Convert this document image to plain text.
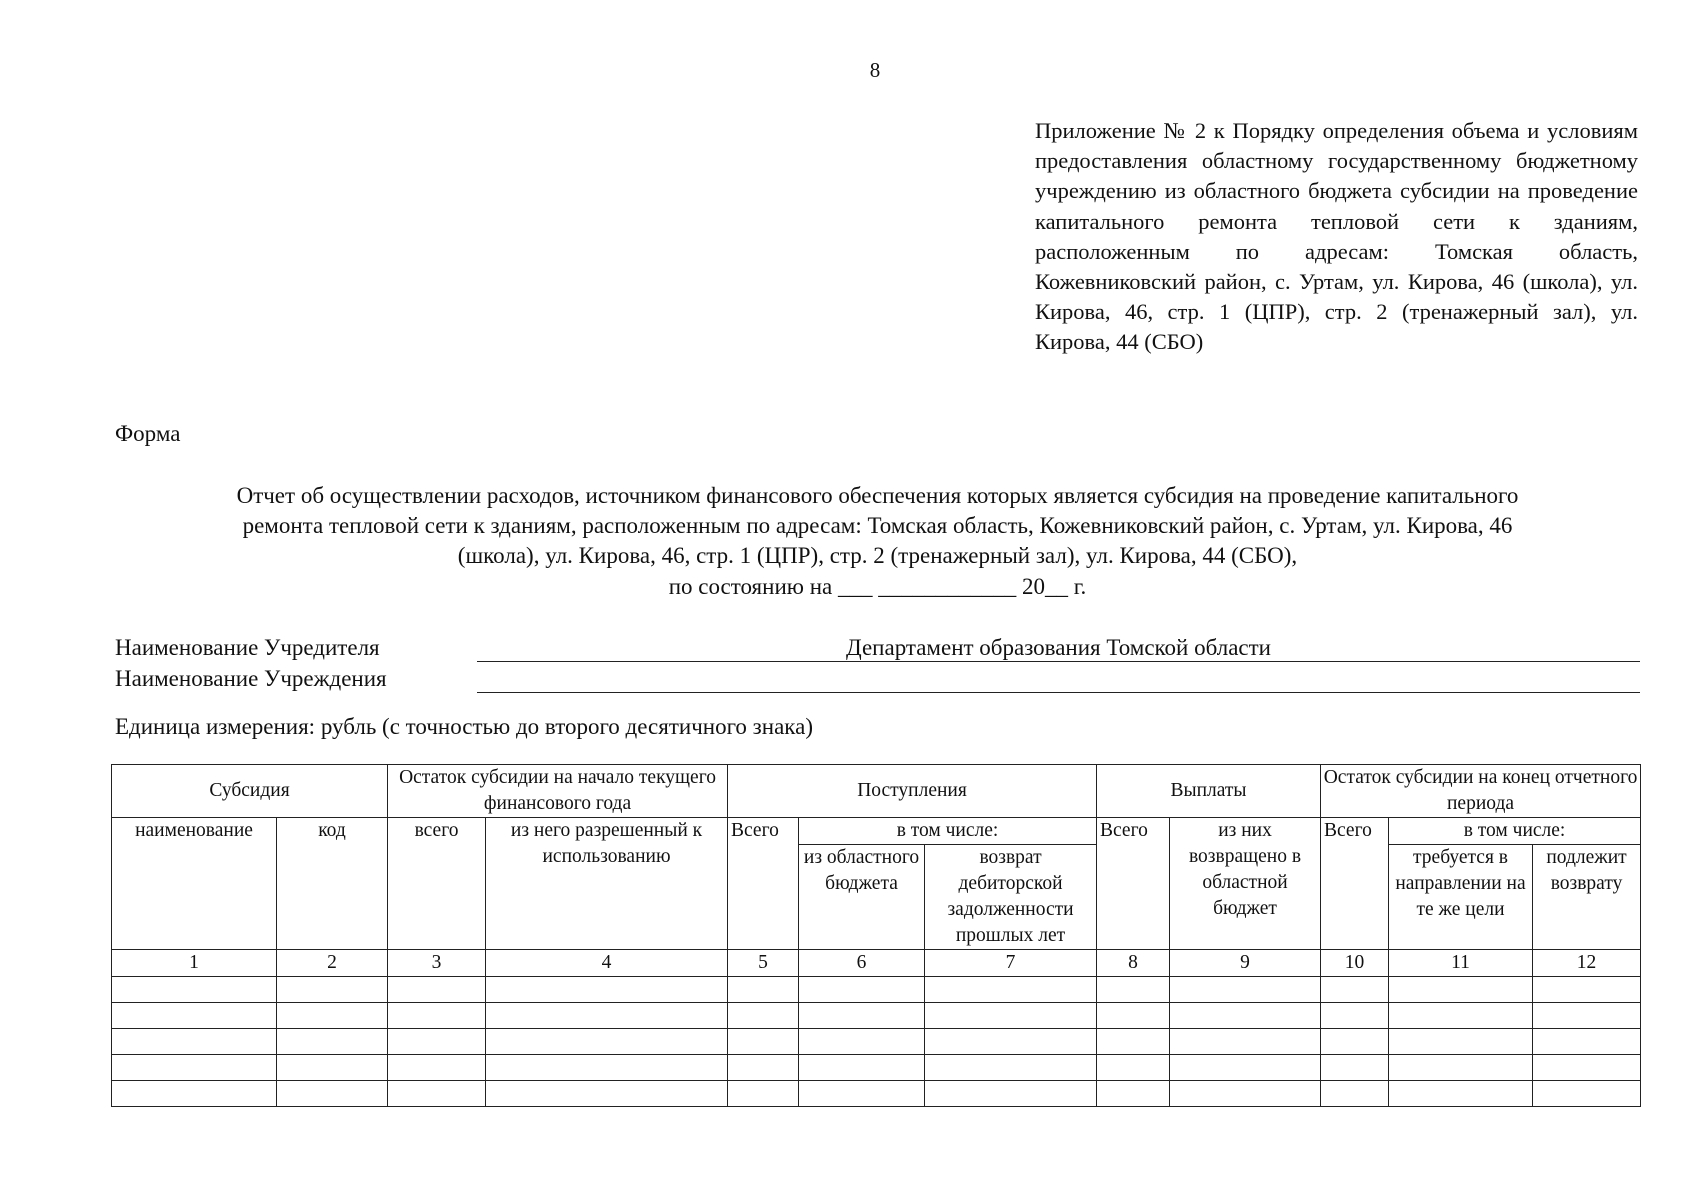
8
Приложение № 2 к Порядку определения объема и условиям предоставления областному государственному бюджетному учреждению из областного бюджета субсидии на проведение капитального ремонта тепловой сети к зданиям, расположенным по адресам: Томская область, Кожевниковский район, с. Уртам, ул. Кирова, 46 (школа), ул. Кирова, 46, стр. 1 (ЦПР), стр. 2 (тренажерный зал), ул. Кирова, 44 (СБО)
Форма
Отчет об осуществлении расходов, источником финансового обеспечения которых является субсидия на проведение капитального
ремонта тепловой сети к зданиям, расположенным по адресам: Томская область, Кожевниковский район, с. Уртам, ул. Кирова, 46
(школа), ул. Кирова, 46, стр. 1 (ЦПР), стр. 2 (тренажерный зал), ул. Кирова, 44 (СБО),
по состоянию на ___ ____________ 20__ г.
Наименование Учредителя	Департамент образования Томской области
Наименование Учреждения
Единица измерения: рубль (с точностью до второго десятичного знака)
Субсидия		Остаток субсидии на начало текущего финансового года		Поступления			Выплаты		Остаток субсидии на конец отчетного периода		
наименование	код	всего	из него разрешенный к использованию	Всего	в том числе:		Всего	из них возвращено в областной бюджет	Всего	в том числе:	
					из областного бюджета	возврат дебиторской задолженности прошлых лет				требуется в направлении на те же цели	подлежит возврату
1	2	3	4	5	6	7	8	9	10	11	12
